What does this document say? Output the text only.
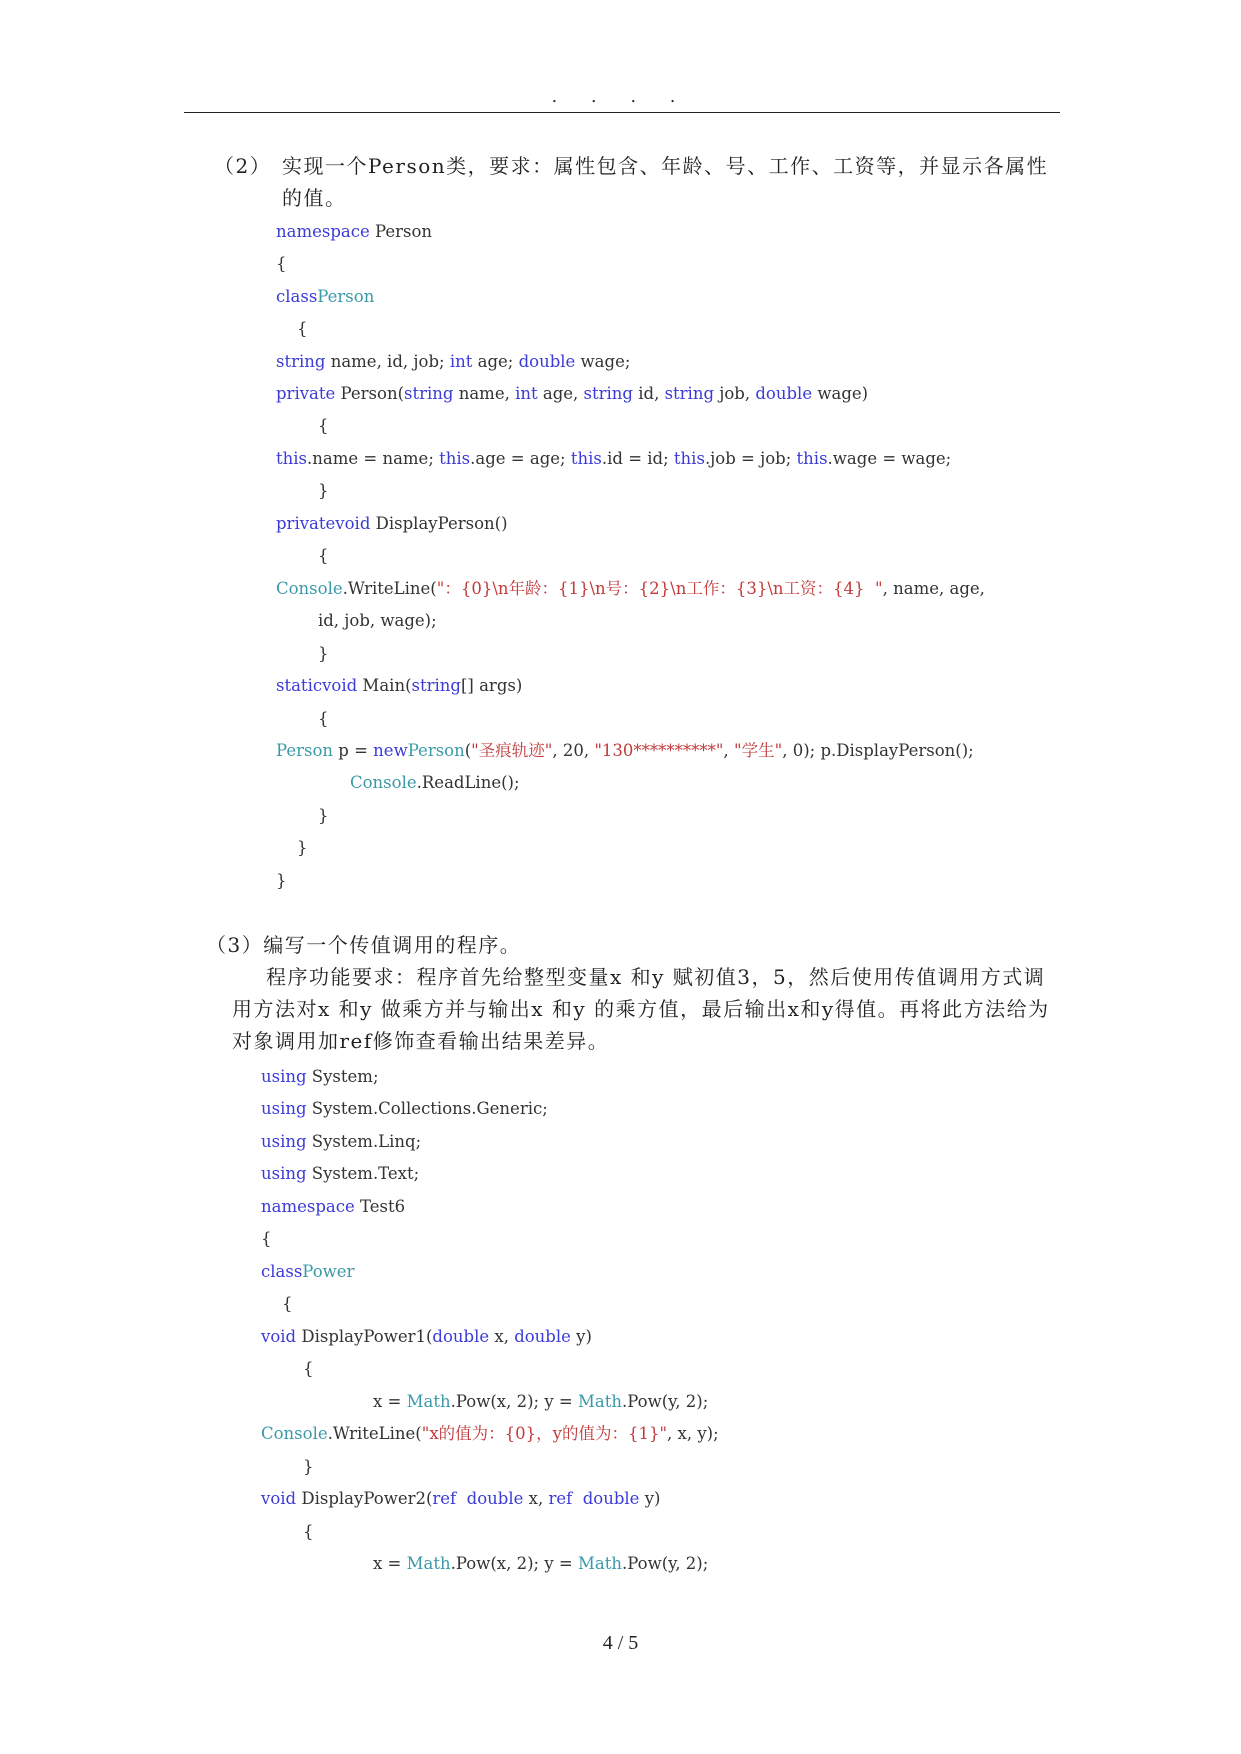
. . . .
（2） 实现一个Person类，要求：属性包含、年龄、号、工作、工资等，并显示各属性
的值。
namespace Person
{
classPerson
{
string name, id, job; int age; double wage;
private Person(string name, int age, string id, string job, double wage)
{
this.name = name; this.age = age; this.id = id; this.job = job; this.wage = wage;
}
privatevoid DisplayPerson()
{
Console.WriteLine("：{0}\n年龄：{1}\n号：{2}\n工作：{3}\n工资：{4}  ", name, age,
id, job, wage);
}
staticvoid Main(string[] args)
{
Person p = newPerson("圣痕轨迹", 20, "130**********", "学生", 0); p.DisplayPerson();
Console.ReadLine();
}
}
}
（3）编写一个传值调用的程序。
程序功能要求：程序首先给整型变量x 和y 赋初值3，5，然后使用传值调用方式调
用方法对x 和y 做乘方并与输出x 和y 的乘方值，最后输出x和y得值。再将此方法给为
对象调用加ref修饰查看输出结果差异。
using System;
using System.Collections.Generic;
using System.Linq;
using System.Text;
namespace Test6
{
classPower
{
void DisplayPower1(double x, double y)
{
x = Math.Pow(x, 2); y = Math.Pow(y, 2);
Console.WriteLine("x的值为：{0}，y的值为：{1}", x, y);
}
void DisplayPower2(ref double x, ref double y)
{
x = Math.Pow(x, 2); y = Math.Pow(y, 2);
4 / 5
